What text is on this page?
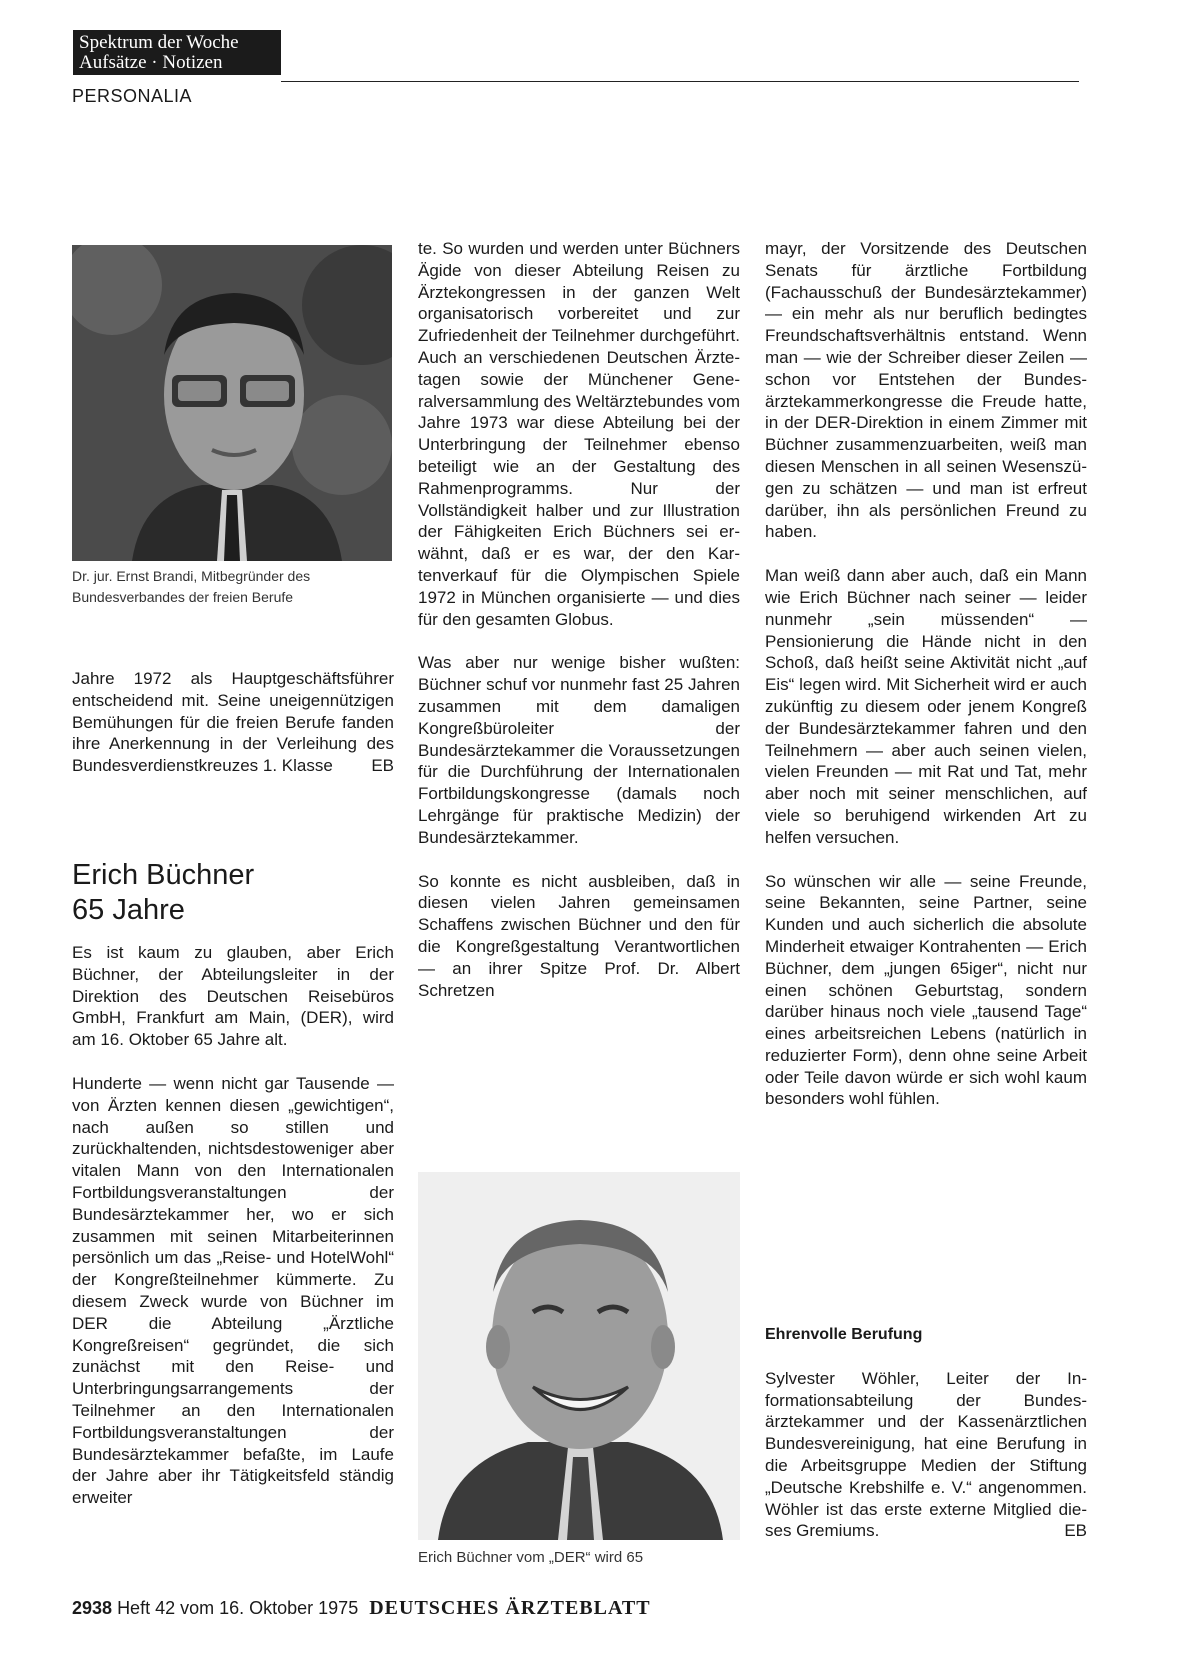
Spektrum der Woche
Aufsätze · Notizen
PERSONALIA
Dr. jur. Ernst Brandi, Mitbegründer des Bundesverbandes der freien Berufe

Jahre 1972 als Hauptgeschäftsführer entscheidend mit. Seine uneigennützigen Bemühungen für die freien Berufe fanden ihre Anerkennung in der Verleihung des Bundesverdienstkreuzes 1. Klasse EB

Erich Büchner
65 Jahre

Es ist kaum zu glauben, aber Erich Büchner, der Abteilungsleiter in der Direktion des Deutschen Reisebüros GmbH, Frankfurt am Main, (DER), wird am 16. Oktober 65 Jahre alt.

Hunderte — wenn nicht gar Tausende — von Ärzten kennen diesen „gewichtigen“, nach außen so stillen und zurückhaltenden, nichtsdestoweniger aber vitalen Mann von den Internationalen Fortbildungsveranstaltungen der Bundesärztekammer her, wo er sich zusammen mit seinen Mitarbeiterinnen persönlich um das „Reise- und HotelWohl“ der Kongreßteilnehmer kümmerte. Zu diesem Zweck wurde von Büchner im DER die Abteilung „Ärztliche Kongreßreisen“ gegründet, die sich zunächst mit den Reise- und Unterbringungsarrangements der Teilnehmer an den Internationalen Fortbildungsveranstaltungen der Bundesärztekammer befaßte, im Laufe der Jahre aber ihr Tätigkeitsfeld ständig erweiter

te. So wurden und werden unter Büchners Ägide von dieser Abteilung Reisen zu Ärztekongressen in der ganzen Welt organisatorisch vorbereitet und zur Zufriedenheit der Teilnehmer durchgeführt. Auch an verschiedenen Deutschen Ärztetagen sowie der Münchener Generalversammlung des Weltärztebundes vom Jahre 1973 war diese Abteilung bei der Unterbringung der Teilnehmer ebenso beteiligt wie an der Gestaltung des Rahmenprogramms. Nur der Vollständigkeit halber und zur Illustration der Fähigkeiten Erich Büchners sei erwähnt, daß er es war, der den Kartenverkauf für die Olympischen Spiele 1972 in München organisierte — und dies für den gesamten Globus.

Was aber nur wenige bisher wußten: Büchner schuf vor nunmehr fast 25 Jahren zusammen mit dem damaligen Kongreßbüroleiter der Bundesärztekammer die Voraussetzungen für die Durchführung der Internationalen Fortbildungskongresse (damals noch Lehrgänge für praktische Medizin) der Bundesärztekammer.

So konnte es nicht ausbleiben, daß in diesen vielen Jahren gemeinsamen Schaffens zwischen Büchner und den für die Kongreßgestaltung Verantwortlichen — an ihrer Spitze Prof. Dr. Albert Schretzen

Erich Büchner vom „DER“ wird 65

mayr, der Vorsitzende des Deutschen Senats für ärztliche Fortbildung (Fachausschuß der Bundesärztekammer) — ein mehr als nur beruflich bedingtes Freundschaftsverhältnis entstand. Wenn man — wie der Schreiber dieser Zeilen — schon vor Entstehen der Bundesärztekammerkongresse die Freude hatte, in der DER-Direktion in einem Zimmer mit Büchner zusammenzuarbeiten, weiß man diesen Menschen in all seinen Wesenszügen zu schätzen — und man ist erfreut darüber, ihn als persönlichen Freund zu haben.

Man weiß dann aber auch, daß ein Mann wie Erich Büchner nach seiner — leider nunmehr „sein müssenden“ — Pensionierung die Hände nicht in den Schoß, daß heißt seine Aktivität nicht „auf Eis“ legen wird. Mit Sicherheit wird er auch zukünftig zu diesem oder jenem Kongreß der Bundesärztekammer fahren und den Teilnehmern — aber auch seinen vielen, vielen Freunden — mit Rat und Tat, mehr aber noch mit seiner menschlichen, auf viele so beruhigend wirkenden Art zu helfen versuchen.

So wünschen wir alle — seine Freunde, seine Bekannten, seine Partner, seine Kunden und auch sicherlich die absolute Minderheit etwaiger Kontrahenten — Erich Büchner, dem „jungen 65iger“, nicht nur einen schönen Geburtstag, sondern darüber hinaus noch viele „tausend Tage“ eines arbeitsreichen Lebens (natürlich in reduzierter Form), denn ohne seine Arbeit oder Teile davon würde er sich wohl kaum besonders wohl fühlen.

Ehrenvolle Berufung

Sylvester Wöhler, Leiter der Informationsabteilung der Bundesärztekammer und der Kassenärztlichen Bundesvereinigung, hat eine Berufung in die Arbeitsgruppe Medien der Stiftung „Deutsche Krebshilfe e. V.“ angenommen. Wöhler ist das erste externe Mitglied dieses Gremiums.	EB

2938 Heft 42 vom 16. Oktober 1975 DEUTSCHES ÄRZTEBLATT
